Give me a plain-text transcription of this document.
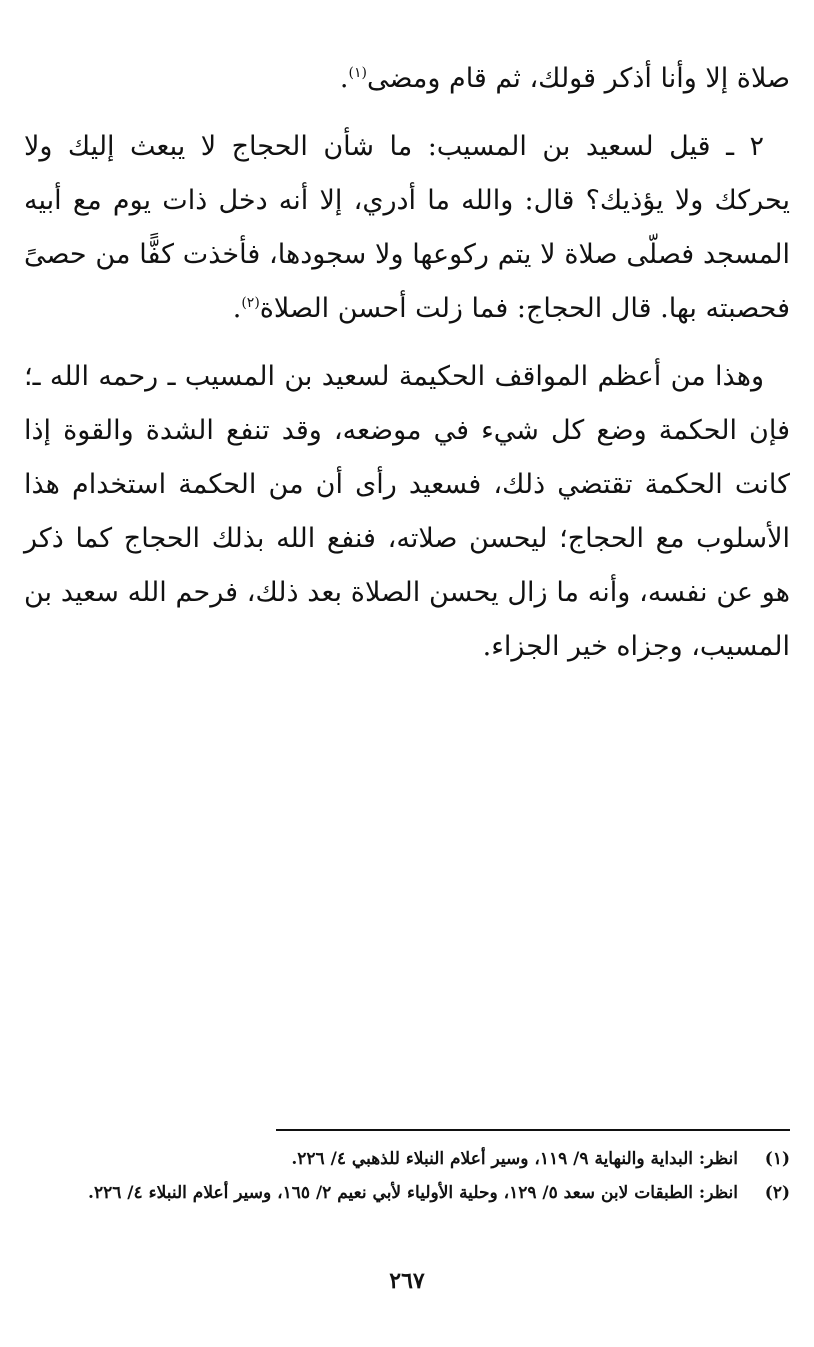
صلاة إلا وأنا أذكر قولك، ثم قام ومضى$^{(١)}$.

٢ ـ قيل لسعيد بن المسيب: ما شأن الحجاج لا يبعث إليك ولا يحركك ولا يؤذيك؟ قال: والله ما أدري، إلا أنه دخل ذات يوم مع أبيه المسجد فصلّى صلاة لا يتم ركوعها ولا سجودها، فأخذت كفًّا من حصىً فحصبته بها. قال الحجاج: فما زلت أحسن الصلاة$^{(٢)}$.

وهذا من أعظم المواقف الحكيمة لسعيد بن المسيب ـ رحمه الله ـ؛ فإن الحكمة وضع كل شيء في موضعه، وقد تنفع الشدة والقوة إذا كانت الحكمة تقتضي ذلك، فسعيد رأى أن من الحكمة استخدام هذا الأسلوب مع الحجاج؛ ليحسن صلاته، فنفع الله بذلك الحجاج كما ذكر هو عن نفسه، وأنه ما زال يحسن الصلاة بعد ذلك، فرحم الله سعيد بن المسيب، وجزاه خير الجزاء.

(١)
انظر: البداية والنهاية ٩/ ١١٩، وسير أعلام النبلاء للذهبي ٤/ ٢٢٦.
(٢)
انظر: الطبقات لابن سعد ٥/ ١٢٩، وحلية الأولياء لأبي نعيم ٢/ ١٦٥، وسير أعلام النبلاء ٤/ ٢٢٦.
٢٦٧
